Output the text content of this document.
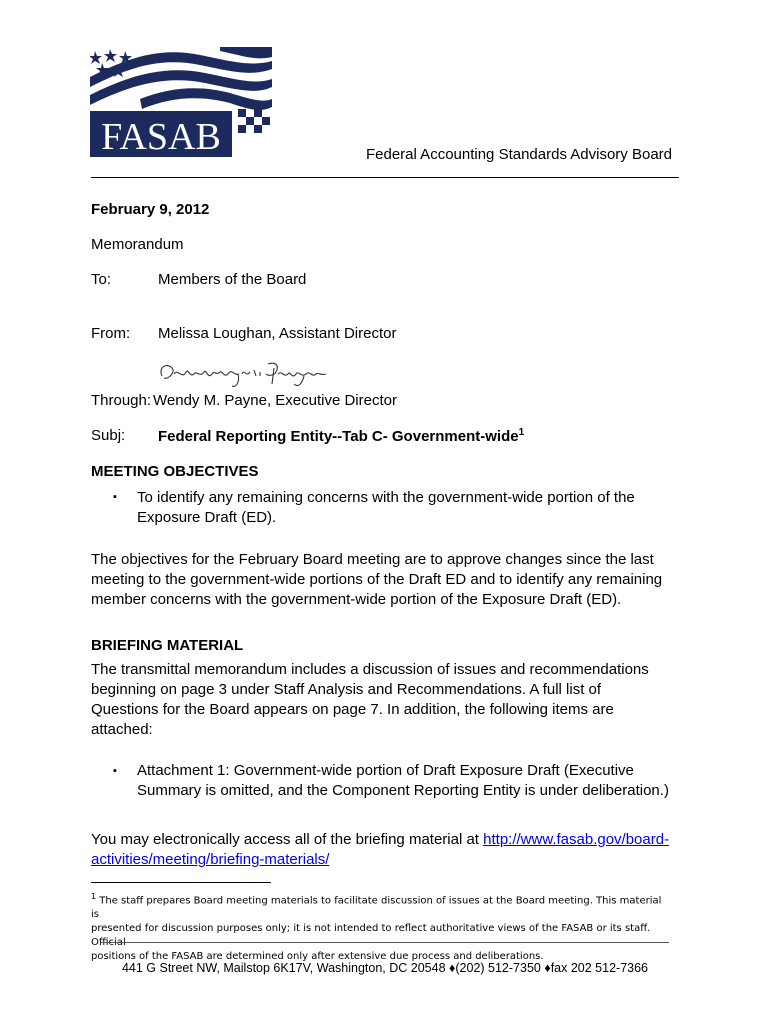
FASAB	Federal Accounting Standards Advisory Board
February 9, 2012
Memorandum
To:	Members of the Board
From: Melissa Loughan, Assistant Director
Through: Wendy M. Payne, Executive Director
Subj: Federal Reporting Entity--Tab C- Government-wide$^1$
MEETING OBJECTIVES
▪ To identify any remaining concerns with the government-wide portion of the
Exposure Draft (ED).
The objectives for the February Board meeting are to approve changes since the last
meeting to the government-wide portions of the Draft ED and to identify any remaining
member concerns with the government-wide portion of the Exposure Draft (ED).
BRIEFING MATERIAL
The transmittal memorandum includes a discussion of issues and recommendations
beginning on page 3 under Staff Analysis and Recommendations. A full list of
Questions for the Board appears on page 7. In addition, the following items are
attached:
▪ Attachment 1: Government-wide portion of Draft Exposure Draft (Executive
Summary is omitted, and the Component Reporting Entity is under deliberation.)
You may electronically access all of the briefing material at http://www.fasab.gov/board-
activities/meeting/briefing-materials/
$^1$ The staff prepares Board meeting materials to facilitate discussion of issues at the Board meeting. This material is
presented for discussion purposes only; it is not intended to reflect authoritative views of the FASAB or its staff. Official
positions of the FASAB are determined only after extensive due process and deliberations.
441 G Street NW, Mailstop 6K17V, Washington, DC 20548 ♦(202) 512-7350 ♦fax 202 512-7366
